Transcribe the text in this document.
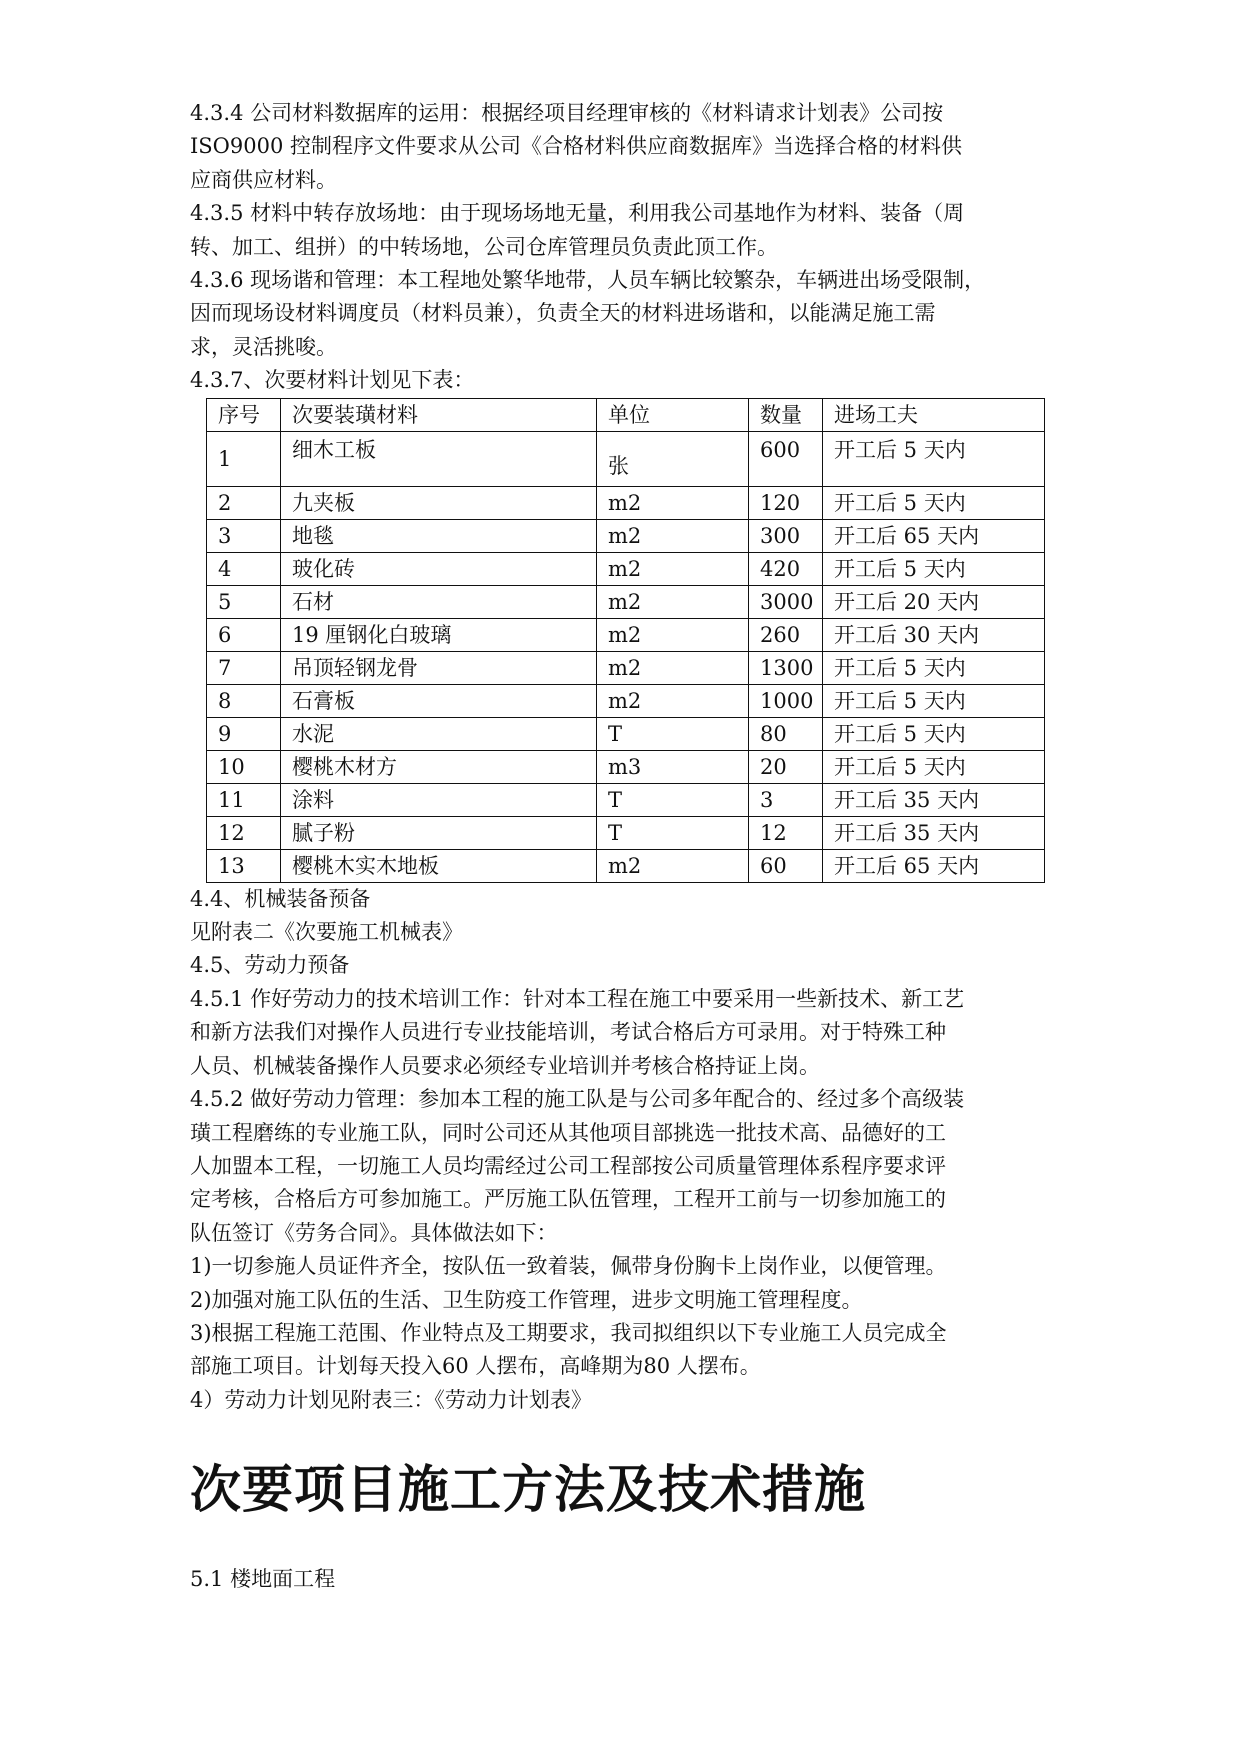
4.3.4 公司材料数据库的运用：根据经项目经理审核的《材料请求计划表》公司按
ISO9000 控制程序文件要求从公司《合格材料供应商数据库》当选择合格的材料供
应商供应材料。

4.3.5 材料中转存放场地：由于现场场地无量，利用我公司基地作为材料、装备（周
转、加工、组拼）的中转场地，公司仓库管理员负责此顶工作。

4.3.6 现场谐和管理：本工程地处繁华地带，人员车辆比较繁杂，车辆进出场受限制，
因而现场设材料调度员（材料员兼），负责全天的材料进场谐和，以能满足施工需
求，灵活挑唆。

4.3.7、次要材料计划见下表：

序号	次要装璜材料	单位	数量	进场工夫
1	细木工板	张	600	开工后 5 天内
2	九夹板	m2	120	开工后 5 天内
3	地毯	m2	300	开工后 65 天内
4	玻化砖	m2	420	开工后 5 天内
5	石材	m2	3000	开工后 20 天内
6	19 厘钢化白玻璃	m2	260	开工后 30 天内
7	吊顶轻钢龙骨	m2	1300	开工后 5 天内
8	石膏板	m2	1000	开工后 5 天内
9	水泥	T	80	开工后 5 天内
10	樱桃木材方	m3	20	开工后 5 天内
11	涂料	T	3	开工后 35 天内
12	腻子粉	T	12	开工后 35 天内
13	樱桃木实木地板	m2	60	开工后 65 天内

4.4、机械装备预备

见附表二《次要施工机械表》

4.5、劳动力预备

4.5.1 作好劳动力的技术培训工作：针对本工程在施工中要采用一些新技术、新工艺
和新方法我们对操作人员进行专业技能培训，考试合格后方可录用。对于特殊工种
人员、机械装备操作人员要求必须经专业培训并考核合格持证上岗。

4.5.2 做好劳动力管理：参加本工程的施工队是与公司多年配合的、经过多个高级装
璜工程磨练的专业施工队，同时公司还从其他项目部挑选一批技术高、品德好的工
人加盟本工程，一切施工人员均需经过公司工程部按公司质量管理体系程序要求评
定考核，合格后方可参加施工。严厉施工队伍管理，工程开工前与一切参加施工的
队伍签订《劳务合同》。具体做法如下：

1)一切参施人员证件齐全，按队伍一致着装，佩带身份胸卡上岗作业，以便管理。

2)加强对施工队伍的生活、卫生防疫工作管理，进步文明施工管理程度。

3)根据工程施工范围、作业特点及工期要求，我司拟组织以下专业施工人员完成全
部施工项目。计划每天投入60 人摆布，高峰期为80 人摆布。

4）劳动力计划见附表三：《劳动力计划表》

次要项目施工方法及技术措施

5.1 楼地面工程
